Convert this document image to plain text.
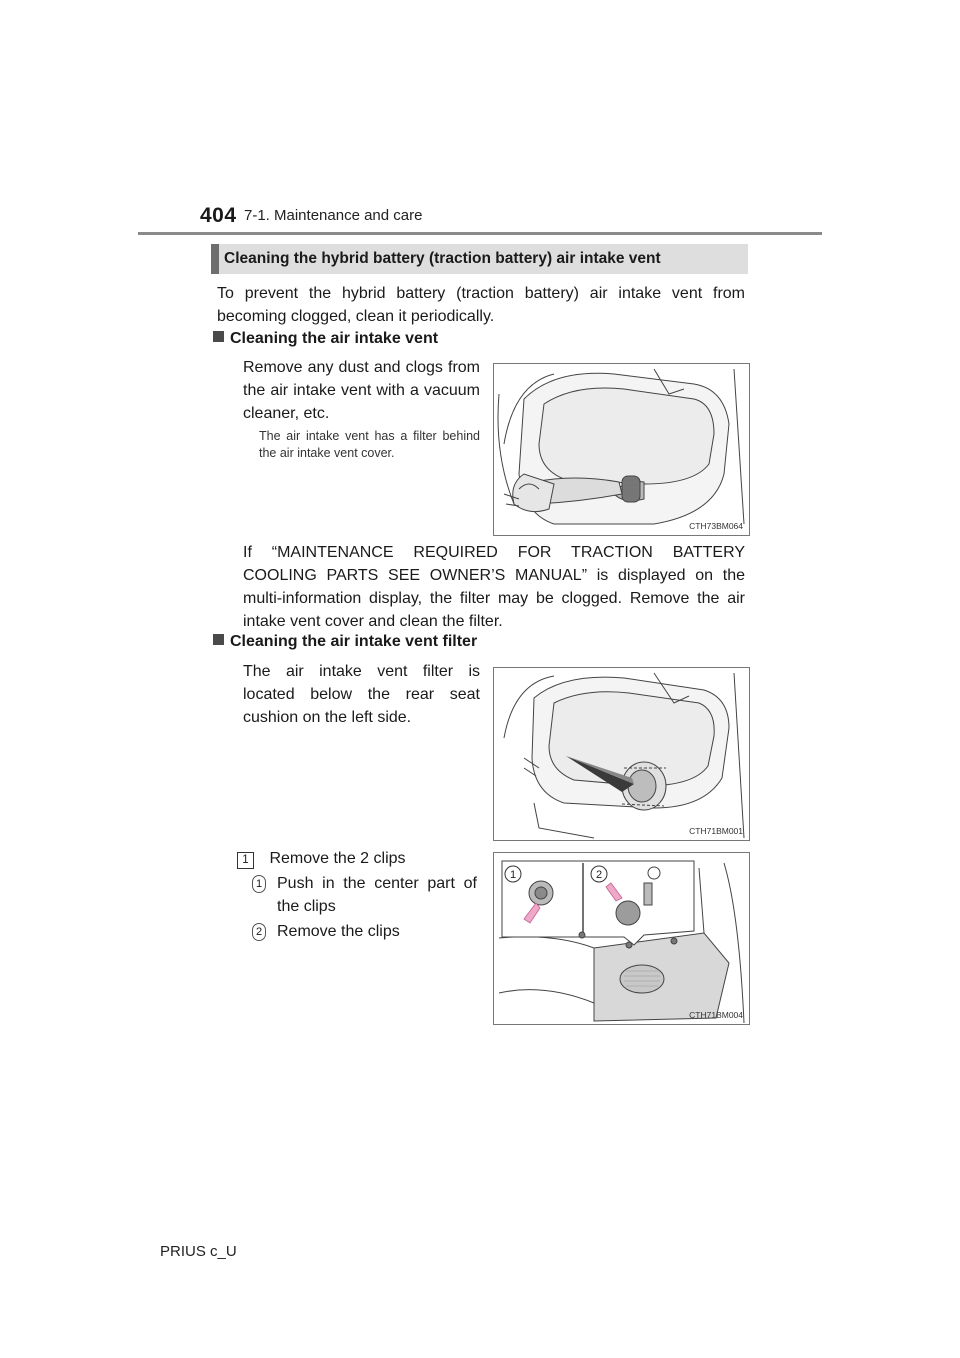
404 7-1. Maintenance and care
Cleaning the hybrid battery (traction battery) air intake vent
To prevent the hybrid battery (traction battery) air intake vent from becoming clogged, clean it periodically.
Cleaning the air intake vent
Remove any dust and clogs from the air intake vent with a vacuum cleaner, etc.
The air intake vent has a filter behind the air intake vent cover.
CTH73BM064
If “MAINTENANCE REQUIRED FOR TRACTION BATTERY COOLING PARTS SEE OWNER’S MANUAL” is displayed on the multi-information display, the filter may be clogged. Remove the air intake vent cover and clean the filter.
Cleaning the air intake vent filter
The air intake vent filter is located below the rear seat cushion on the left side.
CTH71BM001
1 Remove the 2 clips
1 Push in the center part of the clips
2 Remove the clips
1	2
CTH71BM004
PRIUS c_U
